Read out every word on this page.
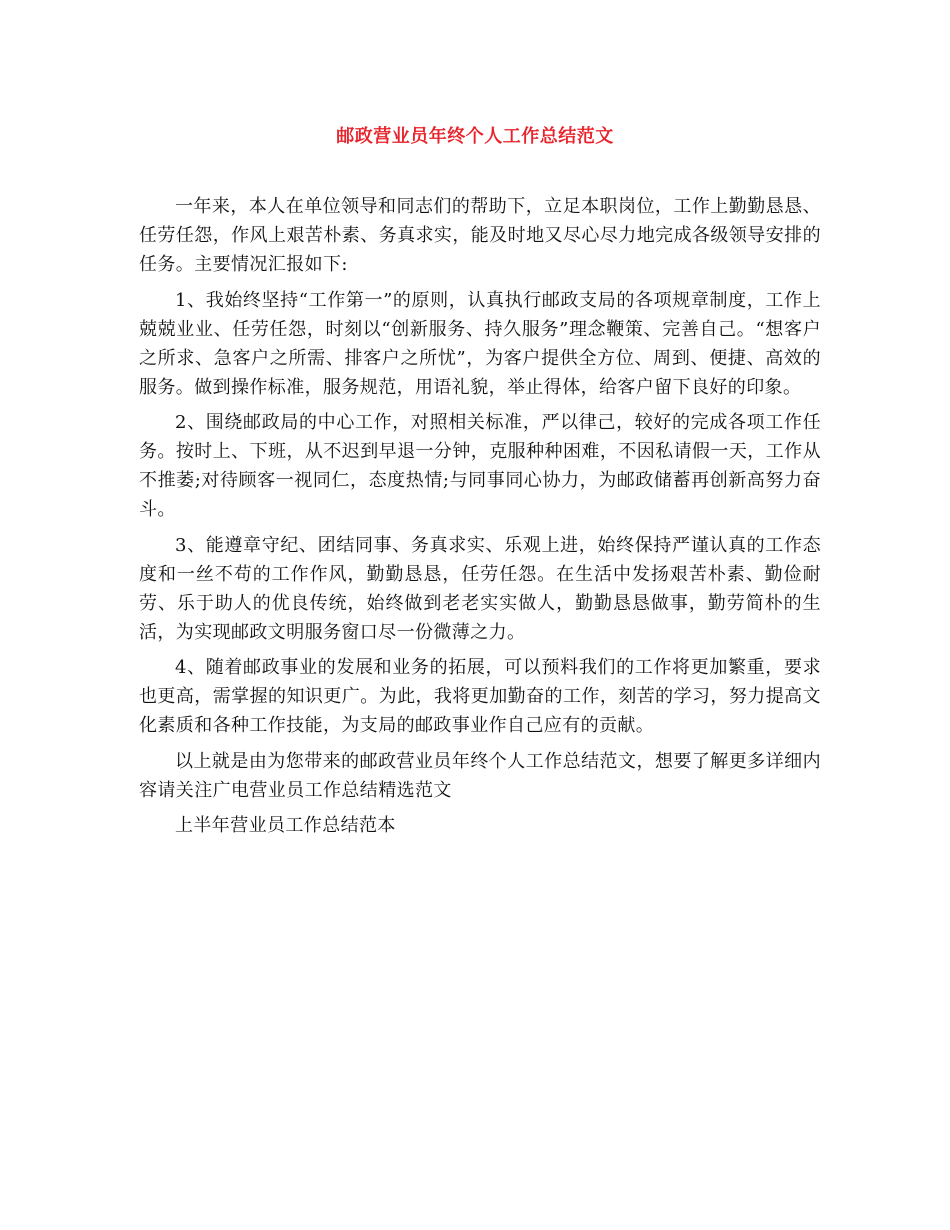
邮政营业员年终个人工作总结范文

一年来，本人在单位领导和同志们的帮助下，立足本职岗位，工作上勤勤恳恳、任劳任怨，作风上艰苦朴素、务真求实，能及时地又尽心尽力地完成各级领导安排的任务。主要情况汇报如下:

1、我始终坚持“工作第一”的原则，认真执行邮政支局的各项规章制度，工作上兢兢业业、任劳任怨，时刻以“创新服务、持久服务”理念鞭策、完善自己。“想客户之所求、急客户之所需、排客户之所忧”，为客户提供全方位、周到、便捷、高效的服务。做到操作标准，服务规范，用语礼貌，举止得体，给客户留下良好的印象。

2、围绕邮政局的中心工作，对照相关标准，严以律己，较好的完成各项工作任务。按时上、下班，从不迟到早退一分钟，克服种种困难，不因私请假一天，工作从不推萎;对待顾客一视同仁，态度热情;与同事同心协力，为邮政储蓄再创新高努力奋斗。

3、能遵章守纪、团结同事、务真求实、乐观上进，始终保持严谨认真的工作态度和一丝不苟的工作作风，勤勤恳恳，任劳任怨。在生活中发扬艰苦朴素、勤俭耐劳、乐于助人的优良传统，始终做到老老实实做人，勤勤恳恳做事，勤劳简朴的生活，为实现邮政文明服务窗口尽一份微薄之力。

4、随着邮政事业的发展和业务的拓展，可以预料我们的工作将更加繁重，要求也更高，需掌握的知识更广。为此，我将更加勤奋的工作，刻苦的学习，努力提高文化素质和各种工作技能，为支局的邮政事业作自己应有的贡献。

以上就是由为您带来的邮政营业员年终个人工作总结范文，想要了解更多详细内容请关注广电营业员工作总结精选范文

上半年营业员工作总结范本
